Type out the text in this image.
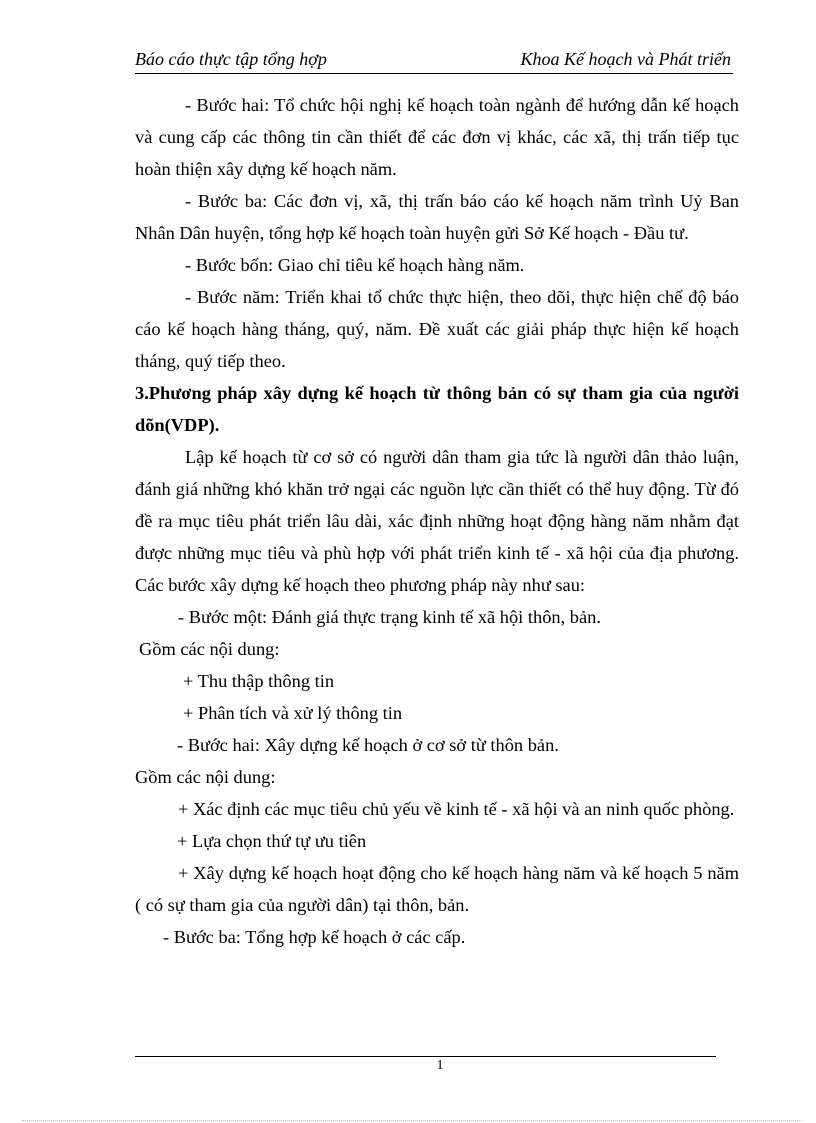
Báo cáo thực tập tổng hợp	Khoa Kế hoạch và Phát triển

- Bước hai: Tổ chức hội nghị kế hoạch toàn ngành để hướng dẫn kế hoạch và cung cấp các thông tin cần thiết để các đơn vị khác, các xã, thị trấn tiếp tục hoàn thiện xây dựng kế hoạch năm.

- Bước ba: Các đơn vị, xã, thị trấn báo cáo kế hoạch năm trình Uỷ Ban Nhân Dân huyện, tổng hợp kế hoạch toàn huyện gửi Sở Kế hoạch - Đầu tư.

- Bước bốn: Giao chỉ tiêu kế hoạch hàng năm.

- Bước năm: Triển khai tổ chức thực hiện, theo dõi, thực hiện chế độ báo cáo kế hoạch hàng tháng, quý, năm. Đề xuất các giải pháp thực hiện kế hoạch tháng, quý tiếp theo.

3.Phương pháp xây dựng kế hoạch từ thông bản có sự tham gia của người dõn(VDP).

Lập kế hoạch từ cơ sở có người dân tham gia tức là người dân thảo luận, đánh giá những khó khăn trở ngại các nguồn lực cần thiết có thể huy động. Từ đó đề ra mục tiêu phát triển lâu dài, xác định những hoạt động hàng năm nhằm đạt được những mục tiêu và phù hợp với phát triển kinh tế - xã hội của địa phương. Các bước xây dựng kế hoạch theo phương pháp này như sau:

- Bước một: Đánh giá thực trạng kinh tế xã hội thôn, bản.

Gồm các nội dung:

+ Thu thập thông tin

+ Phân tích và xử lý thông tin

- Bước hai: Xây dựng kế hoạch ở cơ sở từ thôn bản.

Gồm các nội dung:

+ Xác định các mục tiêu chủ yếu về kinh tế - xã hội và an ninh quốc phòng.

+ Lựa chọn thứ tự ưu tiên

+ Xây dựng kế hoạch hoạt động cho kế hoạch hàng năm và kế hoạch 5 năm ( có sự tham gia của người dân) tại thôn, bản.

- Bước ba: Tổng hợp kế hoạch ở các cấp.

1
